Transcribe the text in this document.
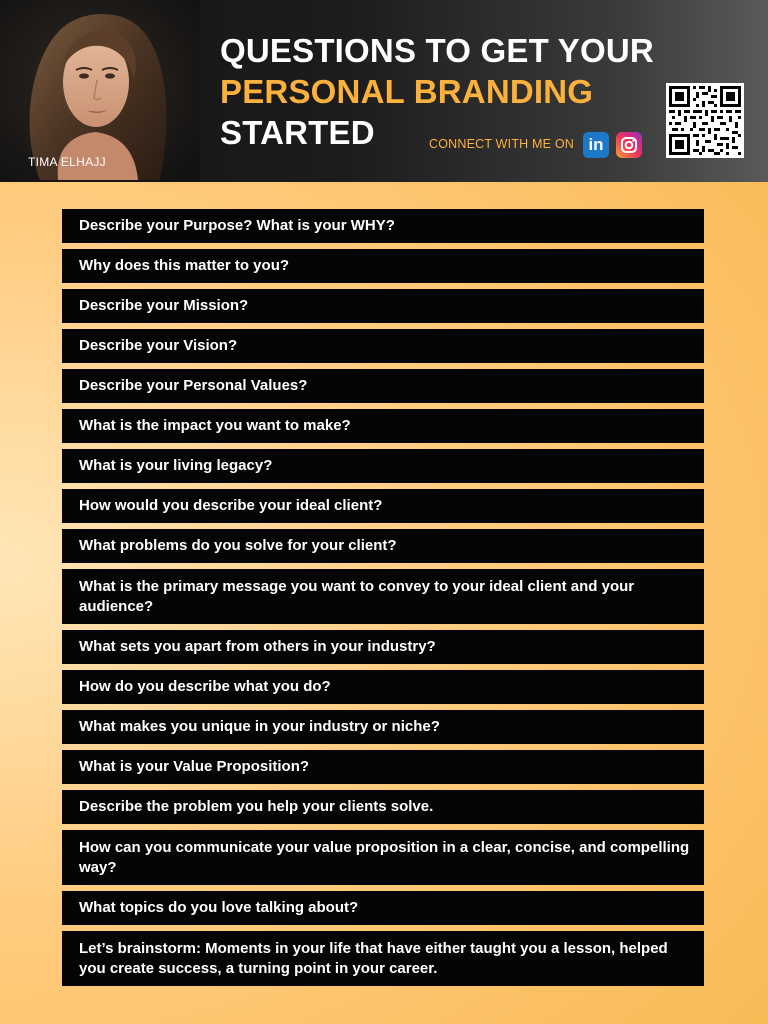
TIMA ELHAJJ
QUESTIONS TO GET YOUR
PERSONAL BRANDING
STARTED	CONNECT WITH ME ON in
Describe your Purpose? What is your WHY?
Why does this matter to you?
Describe your Mission?
Describe your Vision?
Describe your Personal Values?
What is the impact you want to make?
What is your living legacy?
How would you describe your ideal client?
What problems do you solve for your client?
What is the primary message you want to convey to your ideal client and your audience?
What sets you apart from others in your industry?
How do you describe what you do?
What makes you unique in your industry or niche?
What is your Value Proposition?
Describe the problem you help your clients solve.
How can you communicate your value proposition in a clear, concise, and compelling way?
What topics do you love talking about?
Let’s brainstorm: Moments in your life that have either taught you a lesson, helped you create success, a turning point in your career.
